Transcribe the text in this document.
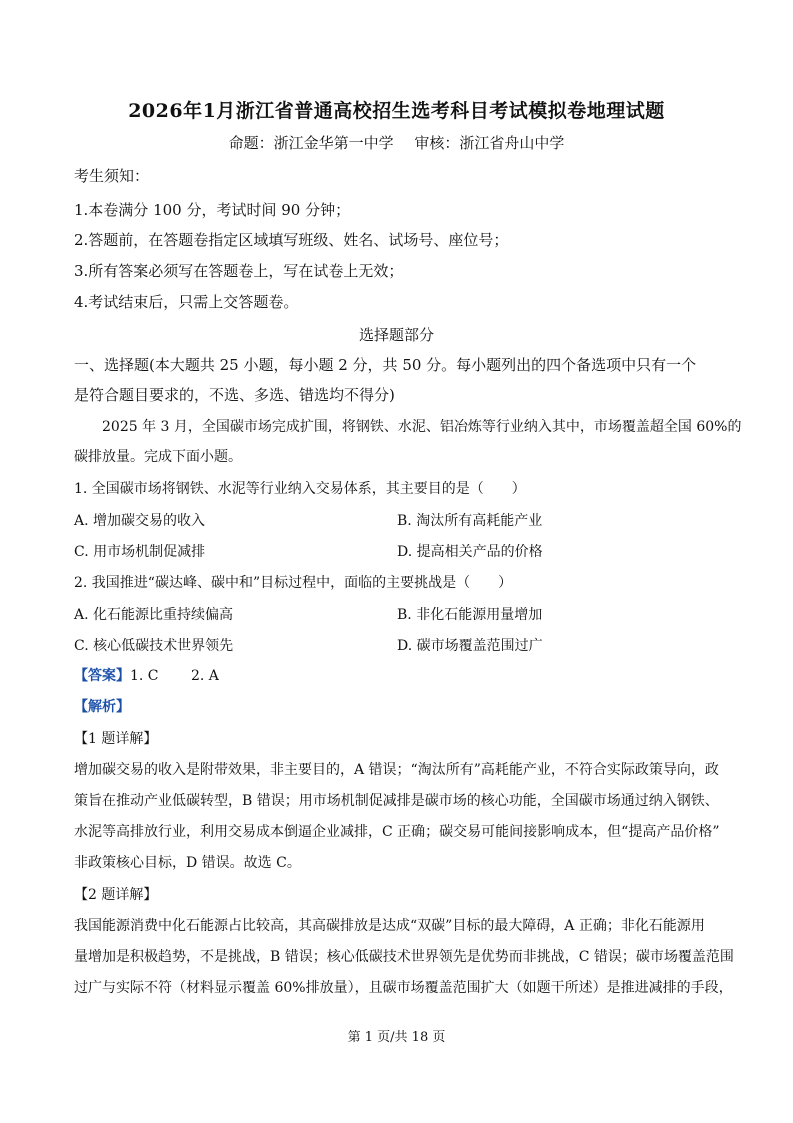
2026年1月浙江省普通高校招生选考科目考试模拟卷地理试题
命题：浙江金华第一中学 审核：浙江省舟山中学
考生须知：
1.本卷满分 100 分，考试时间 90 分钟；
2.答题前，在答题卷指定区域填写班级、姓名、试场号、座位号；
3.所有答案必须写在答题卷上，写在试卷上无效；
4.考试结束后，只需上交答题卷。
选择题部分
一、选择题(本大题共 25 小题，每小题 2 分，共 50 分。每小题列出的四个备选项中只有一个
是符合题目要求的，不选、多选、错选均不得分)
2025 年 3 月，全国碳市场完成扩围，将钢铁、水泥、铝冶炼等行业纳入其中，市场覆盖超全国 60%的
碳排放量。完成下面小题。
1. 全国碳市场将钢铁、水泥等行业纳入交易体系，其主要目的是（　　）
A. 增加碳交易的收入	B. 淘汰所有高耗能产业
C. 用市场机制促减排	D. 提高相关产品的价格
2. 我国推进“碳达峰、碳中和”目标过程中，面临的主要挑战是（　　）
A. 化石能源比重持续偏高	B. 非化石能源用量增加
C. 核心低碳技术世界领先	D. 碳市场覆盖范围过广
【答案】1. C　　 2. A
【解析】
【1 题详解】
增加碳交易的收入是附带效果，非主要目的，A 错误；“淘汰所有”高耗能产业，不符合实际政策导向，政
策旨在推动产业低碳转型，B 错误；用市场机制促减排是碳市场的核心功能，全国碳市场通过纳入钢铁、
水泥等高排放行业，利用交易成本倒逼企业减排，C 正确；碳交易可能间接影响成本，但“提高产品价格”
非政策核心目标，D 错误。故选 C。
【2 题详解】
我国能源消费中化石能源占比较高，其高碳排放是达成“双碳”目标的最大障碍，A 正确；非化石能源用
量增加是积极趋势，不是挑战，B 错误；核心低碳技术世界领先是优势而非挑战，C 错误；碳市场覆盖范围
过广与实际不符（材料显示覆盖 60%排放量），且碳市场覆盖范围扩大（如题干所述）是推进减排的手段，
第 1 页/共 18 页
